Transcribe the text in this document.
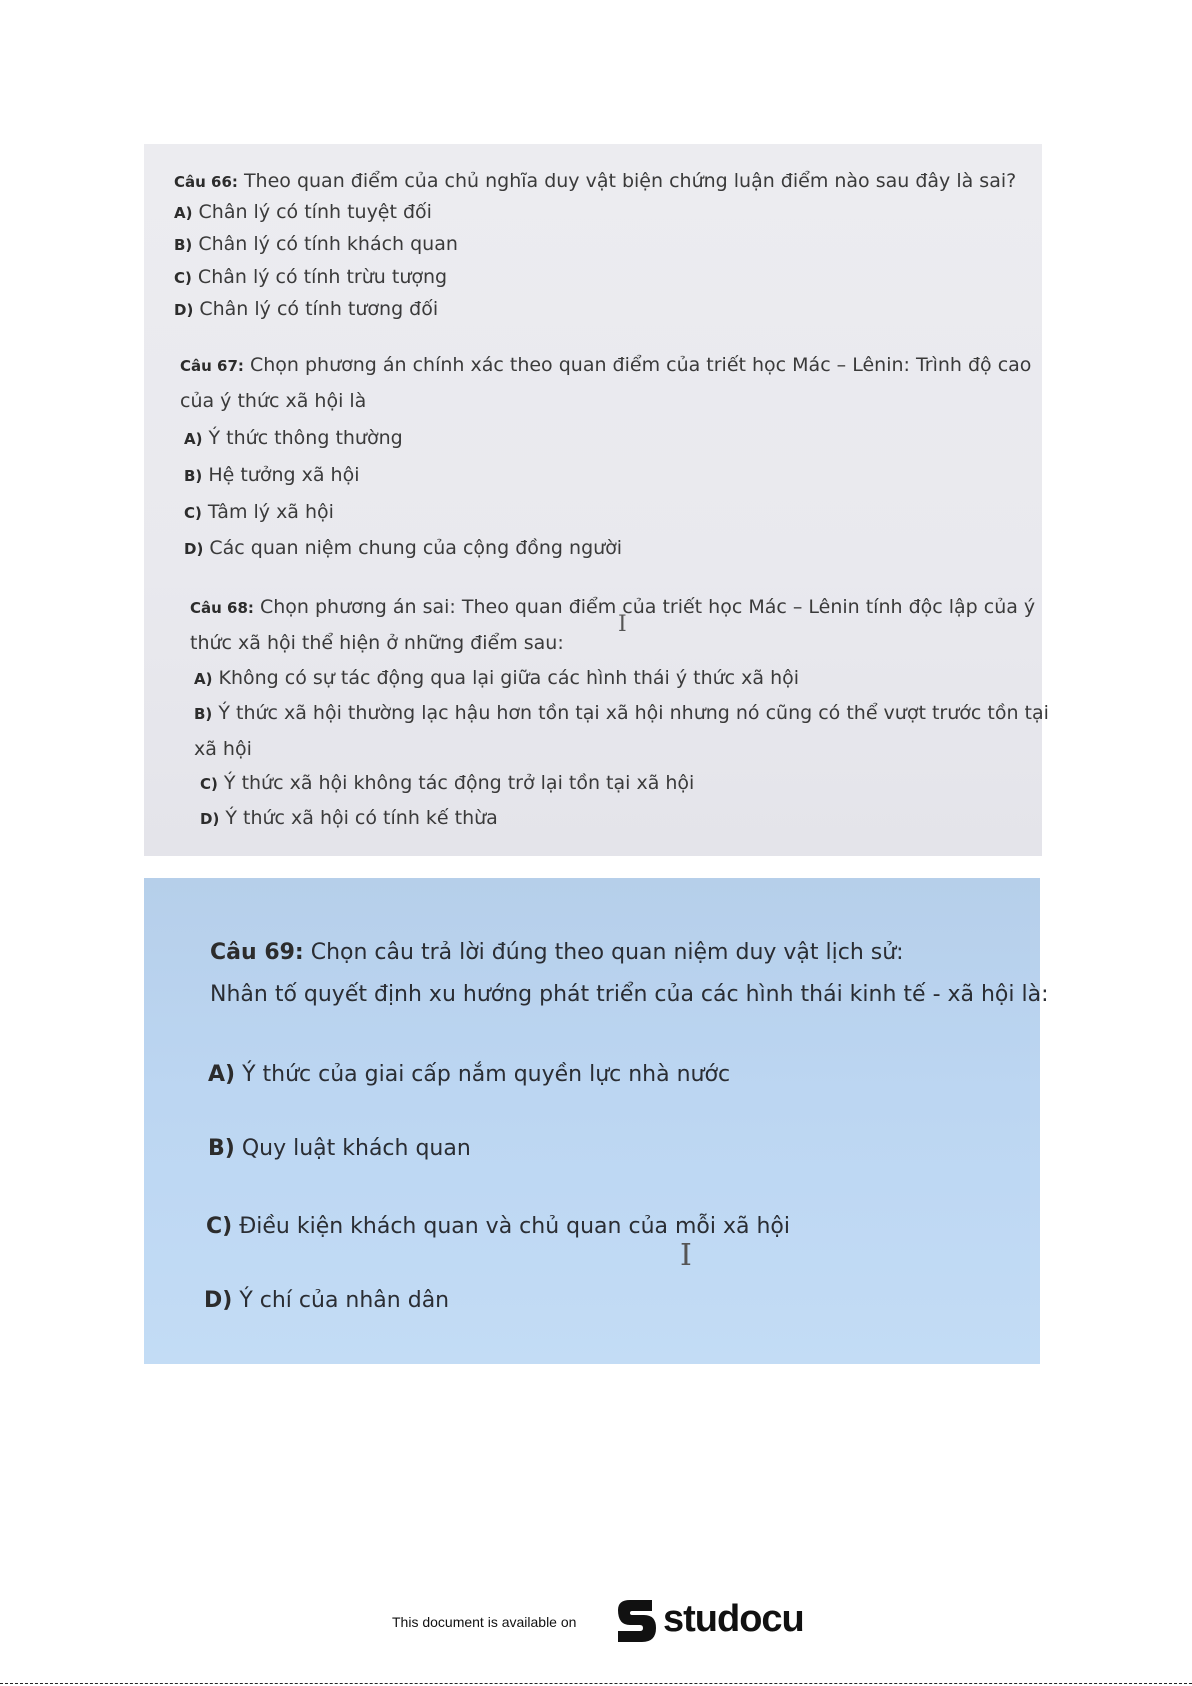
Câu 66: Theo quan điểm của chủ nghĩa duy vật biện chứng luận điểm nào sau đây là sai?
A) Chân lý có tính tuyệt đối
B) Chân lý có tính khách quan
C) Chân lý có tính trừu tượng
D) Chân lý có tính tương đối
Câu 67: Chọn phương án chính xác theo quan điểm của triết học Mác – Lênin: Trình độ cao
của ý thức xã hội là
A) Ý thức thông thường
B) Hệ tưởng xã hội
C) Tâm lý xã hội
D) Các quan niệm chung của cộng đồng người
Câu 68: Chọn phương án sai: Theo quan điểm của triết học Mác – Lênin tính độc lập của ý
thức xã hội thể hiện ở những điểm sau:
A) Không có sự tác động qua lại giữa các hình thái ý thức xã hội
B) Ý thức xã hội thường lạc hậu hơn tồn tại xã hội nhưng nó cũng có thể vượt trước tồn tại
xã hội
C) Ý thức xã hội không tác động trở lại tồn tại xã hội
D) Ý thức xã hội có tính kế thừa
I
Câu 69: Chọn câu trả lời đúng theo quan niệm duy vật lịch sử:
Nhân tố quyết định xu hướng phát triển của các hình thái kinh tế - xã hội là:
A) Ý thức của giai cấp nắm quyền lực nhà nước
B) Quy luật khách quan
C) Điều kiện khách quan và chủ quan của mỗi xã hội
D) Ý chí của nhân dân
I
This document is available on studocu
